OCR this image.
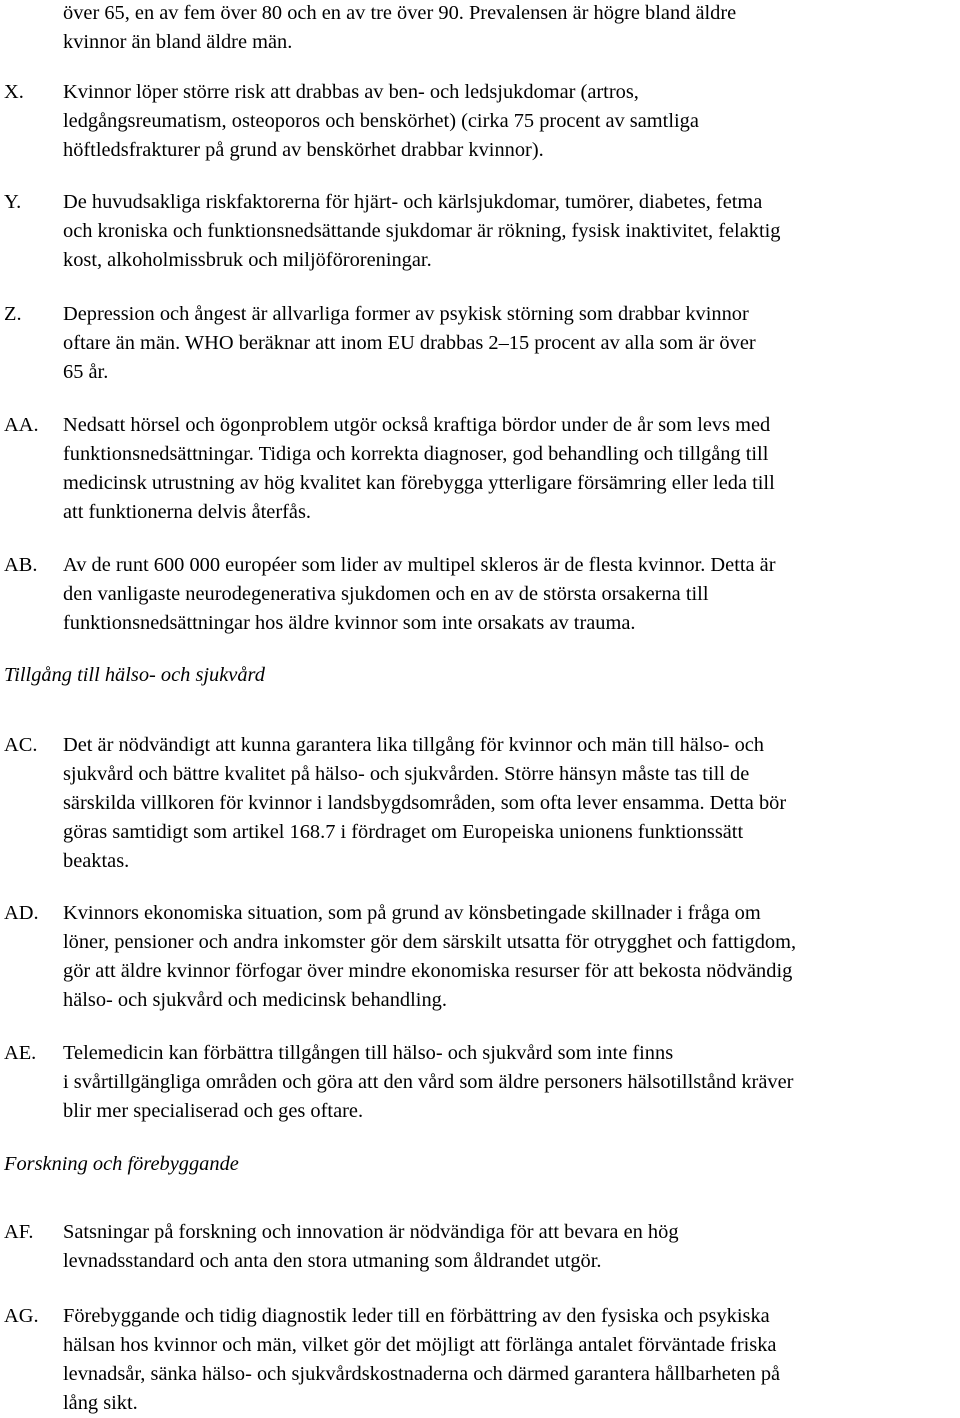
över 65, en av fem över 80 och en av tre över 90. Prevalensen är högre bland äldre
kvinnor än bland äldre män.
X. Kvinnor löper större risk att drabbas av ben- och ledsjukdomar (artros,
ledgångsreumatism, osteoporos och benskörhet) (cirka 75 procent av samtliga
höftledsfrakturer på grund av benskörhet drabbar kvinnor).
Y. De huvudsakliga riskfaktorerna för hjärt- och kärlsjukdomar, tumörer, diabetes, fetma
och kroniska och funktionsnedsättande sjukdomar är rökning, fysisk inaktivitet, felaktig
kost, alkoholmissbruk och miljöföroreningar.
Z. Depression och ångest är allvarliga former av psykisk störning som drabbar kvinnor
oftare än män. WHO beräknar att inom EU drabbas 2–15 procent av alla som är över
65 år.
AA. Nedsatt hörsel och ögonproblem utgör också kraftiga bördor under de år som levs med
funktionsnedsättningar. Tidiga och korrekta diagnoser, god behandling och tillgång till
medicinsk utrustning av hög kvalitet kan förebygga ytterligare försämring eller leda till
att funktionerna delvis återfås.
AB. Av de runt 600 000 européer som lider av multipel skleros är de flesta kvinnor. Detta är
den vanligaste neurodegenerativa sjukdomen och en av de största orsakerna till
funktionsnedsättningar hos äldre kvinnor som inte orsakats av trauma.
Tillgång till hälso- och sjukvård
AC. Det är nödvändigt att kunna garantera lika tillgång för kvinnor och män till hälso- och
sjukvård och bättre kvalitet på hälso- och sjukvården. Större hänsyn måste tas till de
särskilda villkoren för kvinnor i landsbygdsområden, som ofta lever ensamma. Detta bör
göras samtidigt som artikel 168.7 i fördraget om Europeiska unionens funktionssätt
beaktas.
AD. Kvinnors ekonomiska situation, som på grund av könsbetingade skillnader i fråga om
löner, pensioner och andra inkomster gör dem särskilt utsatta för otrygghet och fattigdom,
gör att äldre kvinnor förfogar över mindre ekonomiska resurser för att bekosta nödvändig
hälso- och sjukvård och medicinsk behandling.
AE. Telemedicin kan förbättra tillgången till hälso- och sjukvård som inte finns
i svårtillgängliga områden och göra att den vård som äldre personers hälsotillstånd kräver
blir mer specialiserad och ges oftare.
Forskning och förebyggande
AF. Satsningar på forskning och innovation är nödvändiga för att bevara en hög
levnadsstandard och anta den stora utmaning som åldrandet utgör.
AG. Förebyggande och tidig diagnostik leder till en förbättring av den fysiska och psykiska
hälsan hos kvinnor och män, vilket gör det möjligt att förlänga antalet förväntade friska
levnadsår, sänka hälso- och sjukvårdskostnaderna och därmed garantera hållbarheten på
lång sikt.
